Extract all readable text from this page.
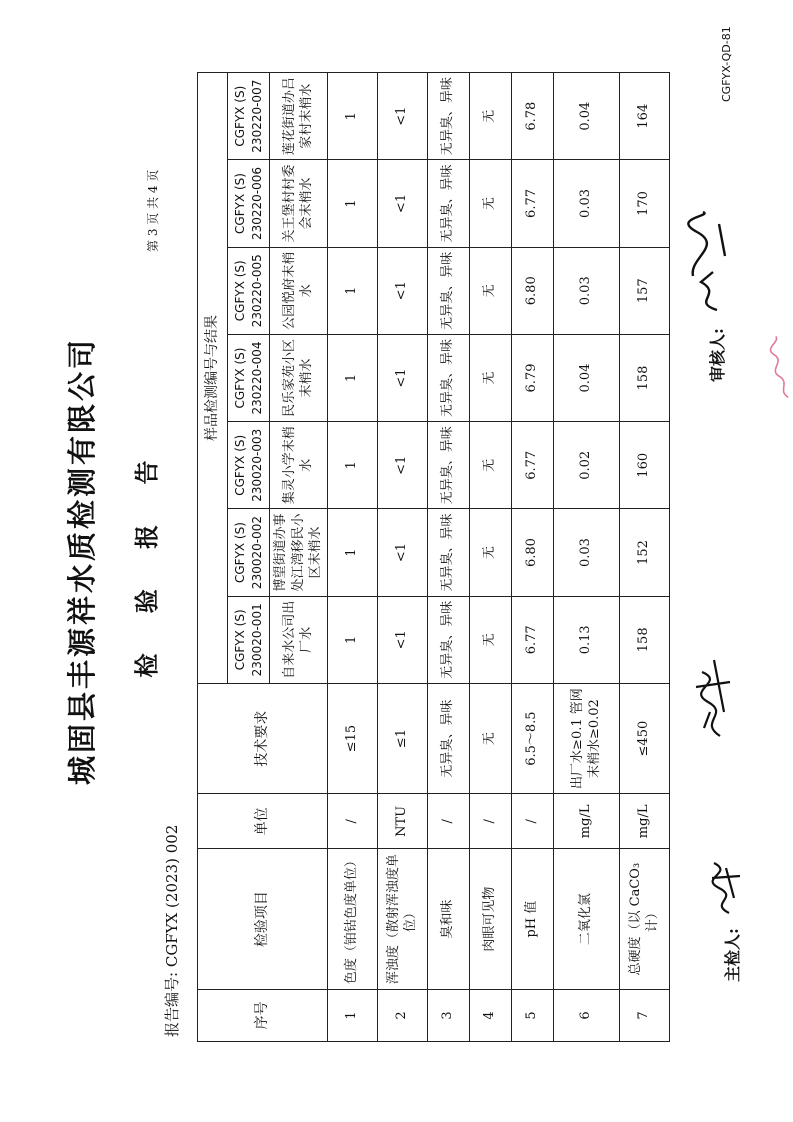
城固县丰源祥水质检测有限公司 检 验 报 告
报告编号: CGFYX (2023) 002
第 3 页 共 4 页
序号	检验项目	单位	技术要求	样品检测编号与结果						
				CGFYX (S) 230020-001	CGFYX (S) 230020-002	CGFYX (S) 230020-003	CGFYX (S) 230220-004	CGFYX (S) 230220-005	CGFYX (S) 230220-006	CGFYX (S) 230220-007
				自来水公司出厂水	博望街道办事处江湾移民小区末梢水	集灵小学末梢水	民乐家苑小区末梢水	公园悦府末梢水	关王堡村村委会末梢水	莲花街道办吕家村末梢水
1	色度（铂钴色度单位）	/	≤15	1	1	1	1	1	1	1
2	浑浊度（散射浑浊度单位）	NTU	≤1	<1	<1	<1	<1	<1	<1	<1
3	臭和味	/	无异臭、异味	无异臭、异味	无异臭、异味	无异臭、异味	无异臭、异味	无异臭、异味	无异臭、异味	无异臭、异味
4	肉眼可见物	/	无	无	无	无	无	无	无	无
5	pH 值	/	6.5～8.5	6.77	6.80	6.77	6.79	6.80	6.77	6.78
6	二氧化氯	mg/L	出厂水≥0.1 管网末梢水≥0.02	0.13	0.03	0.02	0.04	0.03	0.03	0.04
7	总硬度（以 CaCO₃ 计）	mg/L	≤450	158	152	160	158	157	170	164
主检人:
审核人:
CGFYX-QD-81
